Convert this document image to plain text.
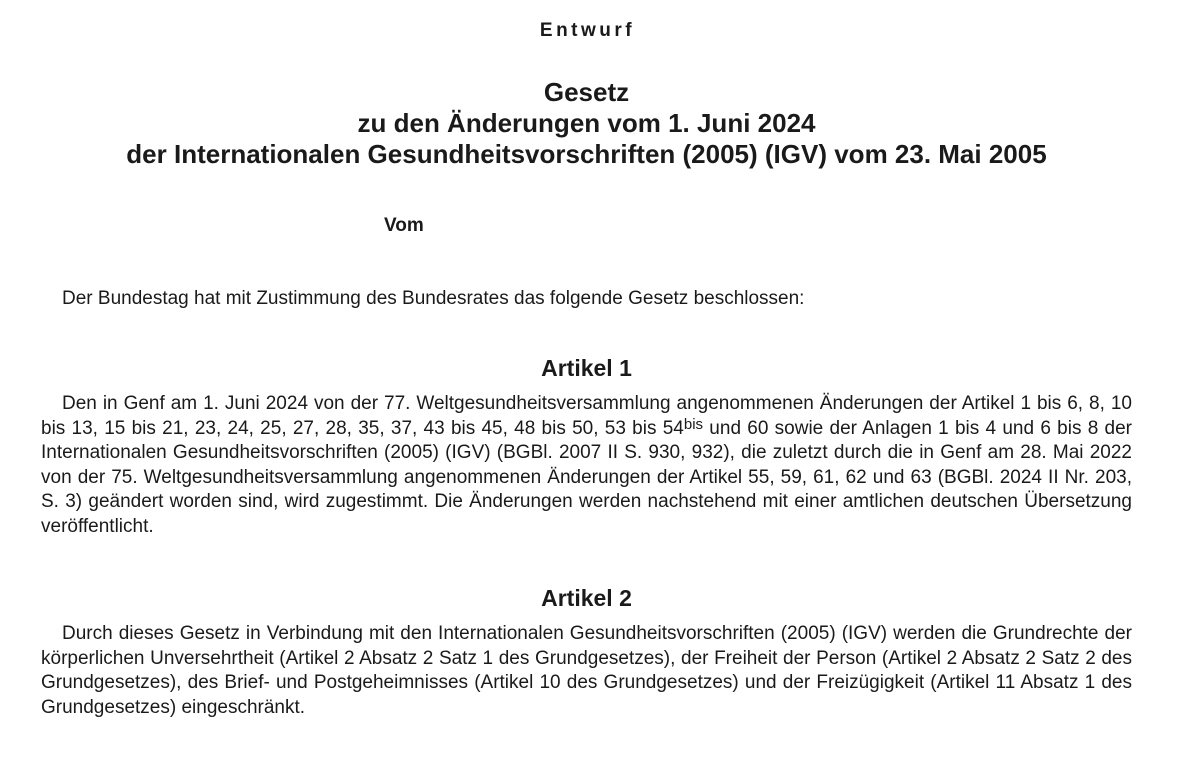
Entwurf
Gesetz
zu den Änderungen vom 1. Juni 2024
der Internationalen Gesundheitsvorschriften (2005) (IGV) vom 23. Mai 2005
Vom
Der Bundestag hat mit Zustimmung des Bundesrates das folgende Gesetz beschlossen:
Artikel 1

Den in Genf am 1. Juni 2024 von der 77. Weltgesundheitsversammlung angenommenen Änderungen der Artikel 1 bis 6, 8, 10 bis 13, 15 bis 21, 23, 24, 25, 27, 28, 35, 37, 43 bis 45, 48 bis 50, 53 bis $54^{bis}$ und 60 sowie der Anlagen 1 bis 4 und 6 bis 8 der Internationalen Gesundheitsvorschriften (2005) (IGV) (BGBl. 2007 II S. 930, 932), die zuletzt durch die in Genf am 28. Mai 2022 von der 75. Weltgesundheitsversammlung angenommenen Änderungen der Artikel 55, 59, 61, 62 und 63 (BGBl. 2024 II Nr. 203, S. 3) geändert worden sind, wird zugestimmt. Die Änderungen werden nachstehend mit einer amtlichen deutschen Übersetzung veröffentlicht.

Artikel 2

Durch dieses Gesetz in Verbindung mit den Internationalen Gesundheitsvorschriften (2005) (IGV) werden die Grundrechte der körperlichen Unversehrtheit (Artikel 2 Absatz 2 Satz 1 des Grundgesetzes), der Freiheit der Person (Artikel 2 Absatz 2 Satz 2 des Grundgesetzes), des Brief- und Postgeheimnisses (Artikel 10 des Grundgesetzes) und der Freizügigkeit (Artikel 11 Absatz 1 des Grundgesetzes) eingeschränkt.
